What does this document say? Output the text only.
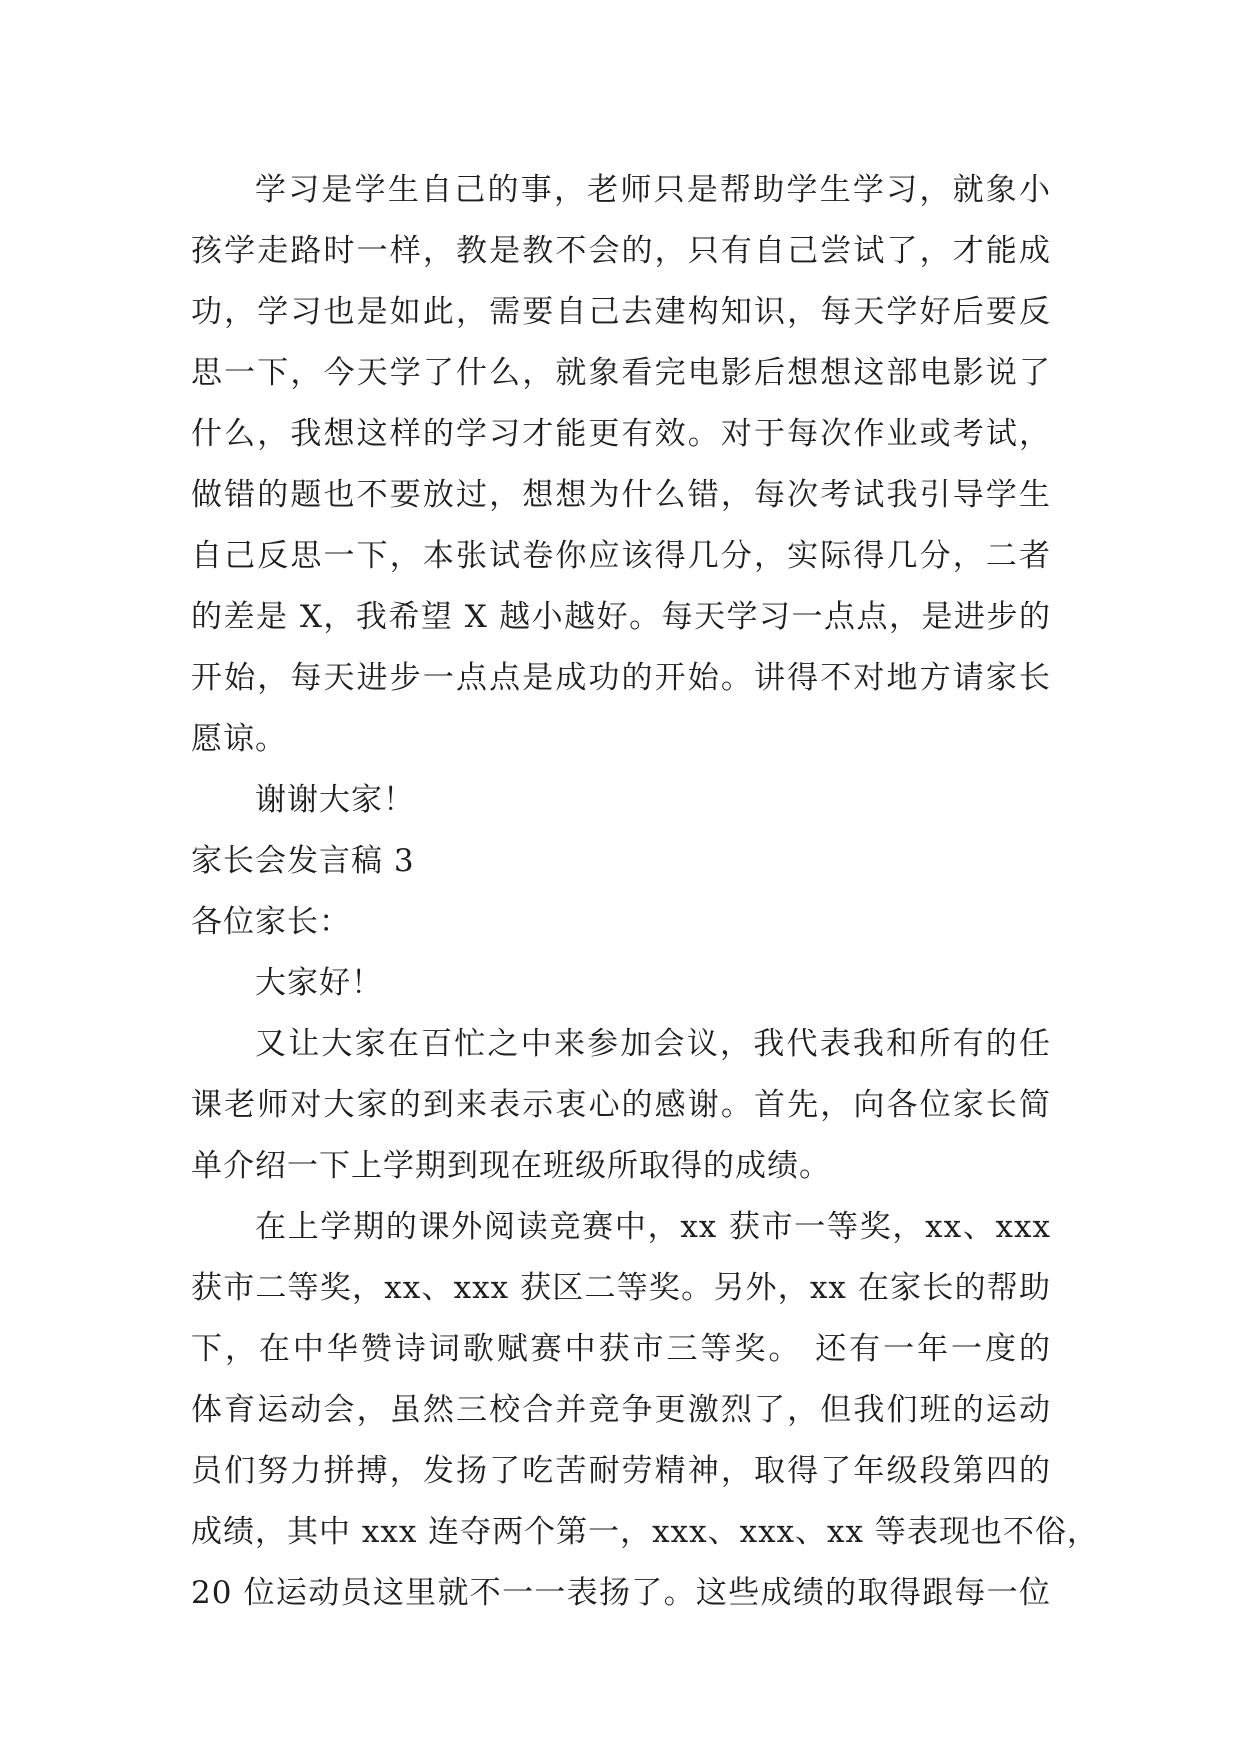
学习是学生自己的事，老师只是帮助学生学习，就象小
孩学走路时一样，教是教不会的，只有自己尝试了，才能成
功，学习也是如此，需要自己去建构知识，每天学好后要反
思一下，今天学了什么，就象看完电影后想想这部电影说了
什么，我想这样的学习才能更有效。对于每次作业或考试，
做错的题也不要放过，想想为什么错，每次考试我引导学生
自己反思一下，本张试卷你应该得几分，实际得几分，二者
的差是 X，我希望 X 越小越好。每天学习一点点，是进步的
开始，每天进步一点点是成功的开始。讲得不对地方请家长
愿谅。
谢谢大家！
家长会发言稿 3
各位家长：
大家好！
又让大家在百忙之中来参加会议，我代表我和所有的任
课老师对大家的到来表示衷心的感谢。首先，向各位家长简
单介绍一下上学期到现在班级所取得的成绩。
在上学期的课外阅读竞赛中，xx 获市一等奖，xx、xxx
获市二等奖，xx、xxx 获区二等奖。另外，xx 在家长的帮助
下，在中华赞诗词歌赋赛中获市三等奖。 还有一年一度的
体育运动会，虽然三校合并竞争更激烈了，但我们班的运动
员们努力拼搏，发扬了吃苦耐劳精神，取得了年级段第四的
成绩，其中 xxx 连夺两个第一，xxx、xxx、xx 等表现也不俗，
20 位运动员这里就不一一表扬了。这些成绩的取得跟每一位
